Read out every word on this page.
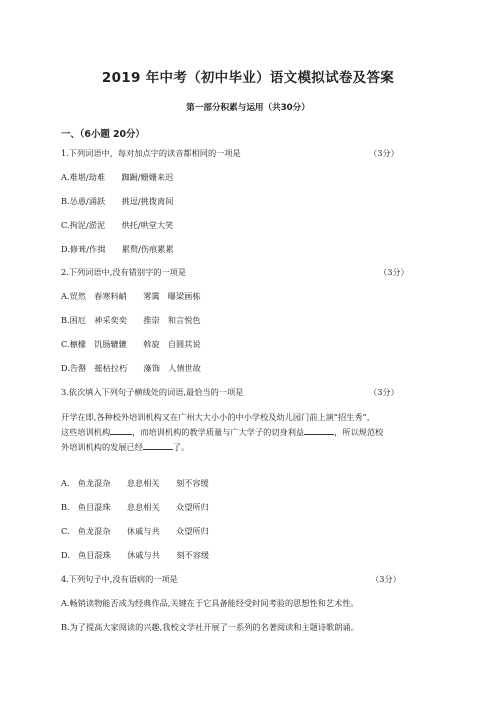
2019 年中考（初中毕业）语文模拟试卷及答案
第一部分积累与运用（共30分）
一、（6小题 20分）
1.下列词语中，每对加点字的读音都相同的一项是	（3分）
A.难堪/劫难　　踟蹰/姗姗来迟
B.怂恿/涌跃　　挑逗/挑拨离间
C.拘泥/淤泥　　烘托/哄堂大笑
D.修葺/作揖　　累赘/伤痕累累
2.下列词语中,没有错别字的一项是	（3分）
A.贸然　春寒料峭　　雾霭　曝梁画栋
B.困厄　神采奕奕　　推崇　和言悦色
C.檩檬　饥肠辘辘　　斡旋　自圆其说
D.告罄　摧枯拉朽　　藻饰　人情世故
3.依次填入下列句子横线处的词语,最恰当的一项是	（3分）
开学在即,各种校外培训机构又在广州大大小小的中小学校及幼儿园门前上演“招生秀”，
这些培训机构	，而培训机构的教学质量与广大学子的切身利益	，所以规范校
外培训机构的发展已经	了。
A.　鱼龙混杂　　息息相关　　刻不容缓
B.　鱼目混珠　　息息相关　　众望所归
C.　鱼龙混杂　　休戚与共　　众望所归
D.　鱼目混珠　　休戚与共　　刻不容缓
4.下列句子中,没有语病的一项是	（3分）
A.畅销读物能否成为经典作品,关键在于它具备能经受时间考验的思想性和艺术性。
B.为了提高大家阅读的兴趣,我校文学社开展了一系列的名著阅读和主题诗歌朗诵。
